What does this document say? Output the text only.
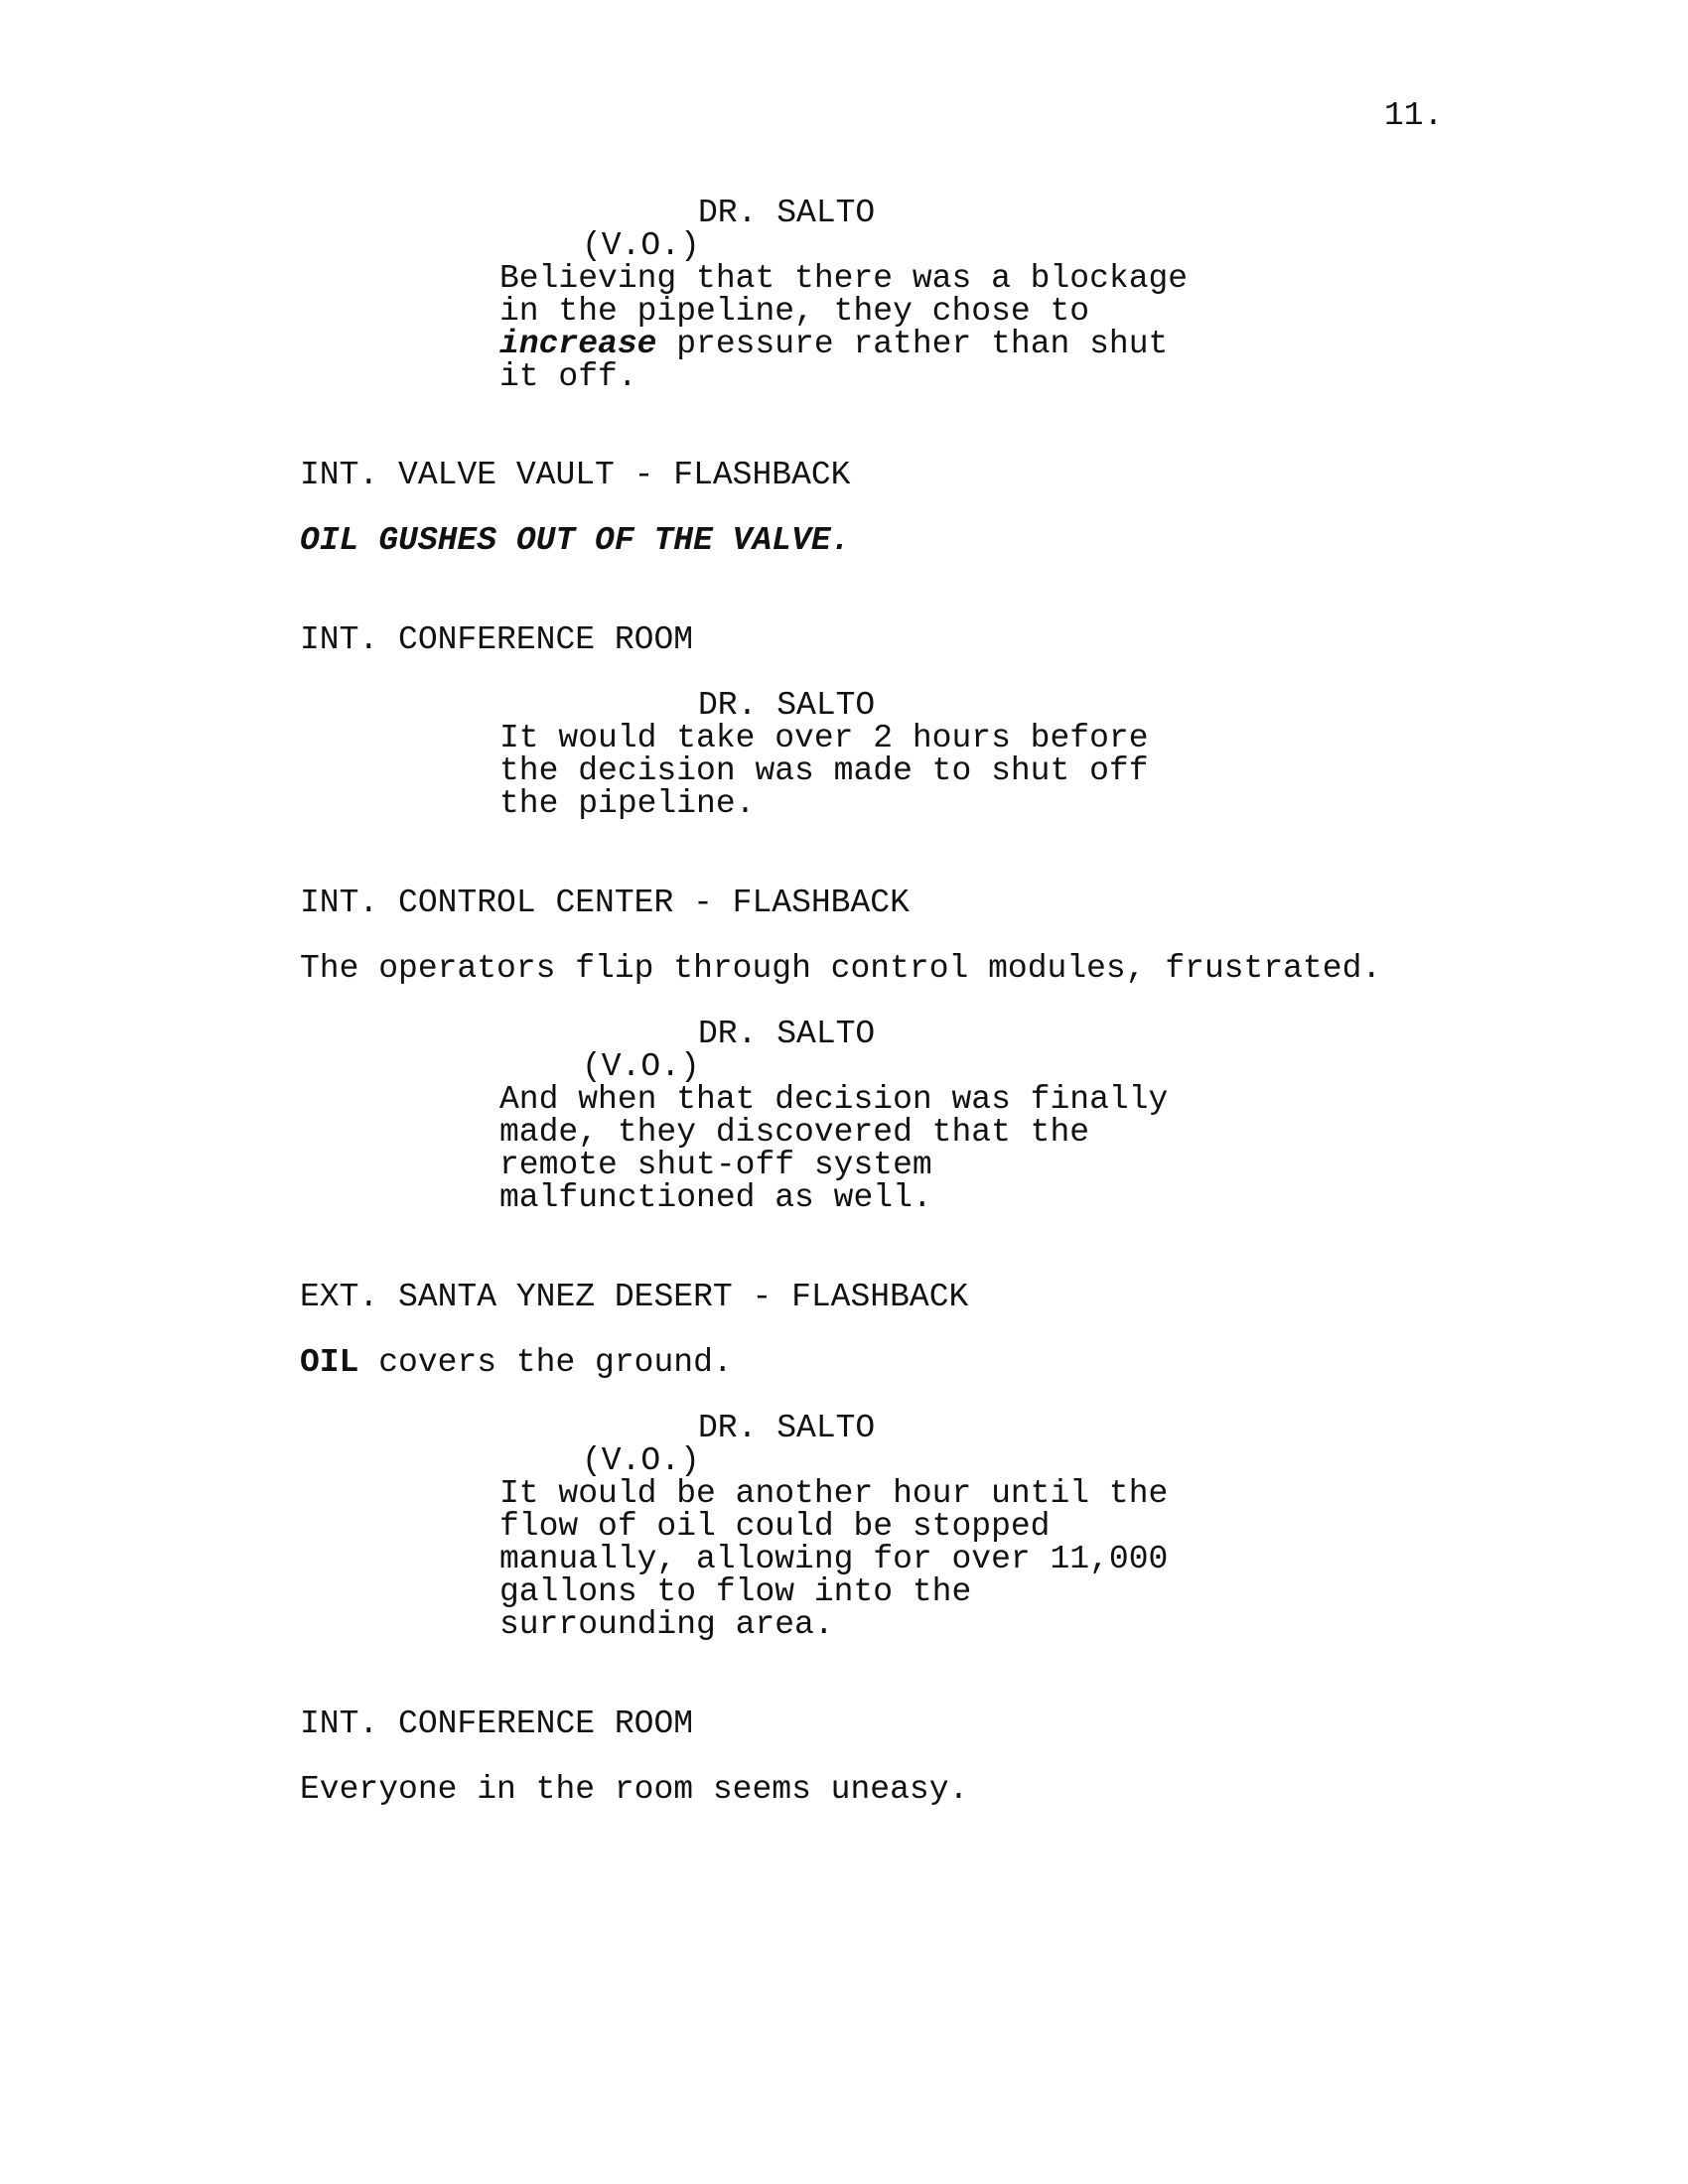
11.
DR. SALTO
(V.O.)
Believing that there was a blockage
in the pipeline, they chose to
increase pressure rather than shut
it off.
INT. VALVE VAULT - FLASHBACK
OIL GUSHES OUT OF THE VALVE.
INT. CONFERENCE ROOM
DR. SALTO
It would take over 2 hours before
the decision was made to shut off
the pipeline.
INT. CONTROL CENTER - FLASHBACK
The operators flip through control modules, frustrated.
DR. SALTO
(V.O.)
And when that decision was finally
made, they discovered that the
remote shut-off system
malfunctioned as well.
EXT. SANTA YNEZ DESERT - FLASHBACK
OIL covers the ground.
DR. SALTO
(V.O.)
It would be another hour until the
flow of oil could be stopped
manually, allowing for over 11,000
gallons to flow into the
surrounding area.
INT. CONFERENCE ROOM
Everyone in the room seems uneasy.
